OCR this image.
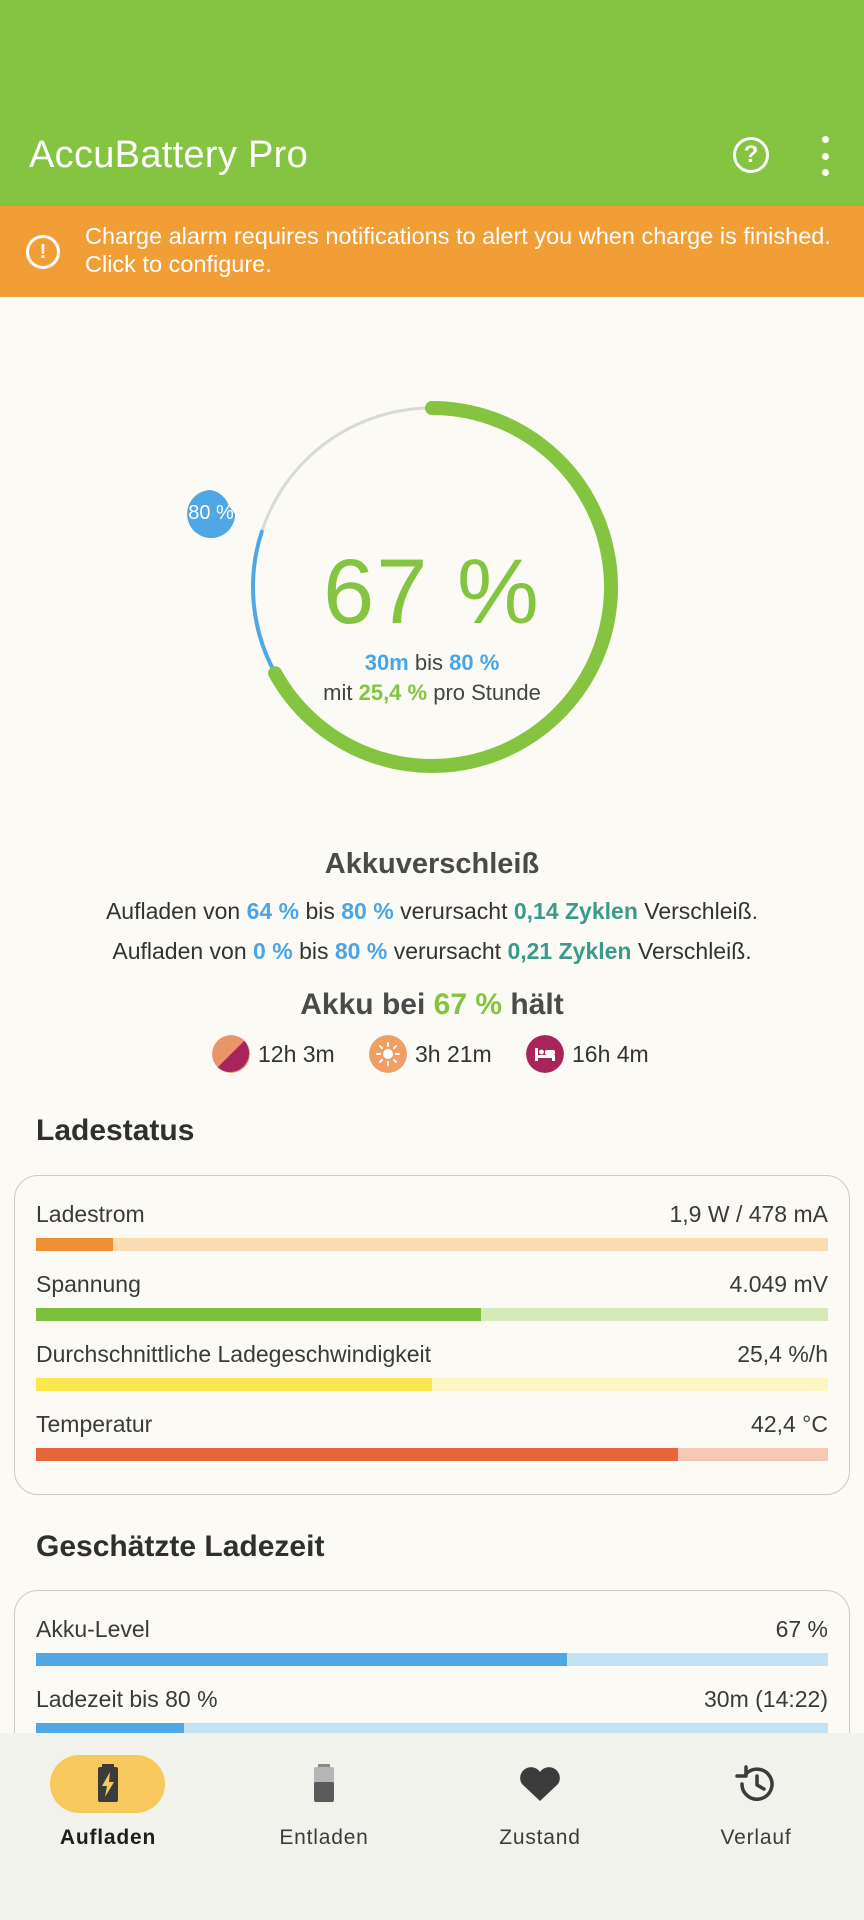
AccuBattery Pro	?
!
Charge alarm requires notifications to alert you when charge is finished. Click to configure.
80 %
67 %
30m bis 80 %
mit 25,4 % pro Stunde
Akkuverschleiß
Aufladen von 64 % bis 80 % verursacht 0,14 Zyklen Verschleiß.
Aufladen von 0 % bis 80 % verursacht 0,21 Zyklen Verschleiß.
Akku bei 67 % hält
12h 3m	3h 21m	16h 4m
Ladestatus
Ladestrom	1,9 W / 478 mA
Spannung	4.049 mV
Durchschnittliche Ladegeschwindigkeit	25,4 %/h
Temperatur	42,4 °C
Geschätzte Ladezeit
Akku-Level	67 %
Ladezeit bis 80 %	30m (14:22)
Aufladen	Entladen	Zustand	Verlauf
